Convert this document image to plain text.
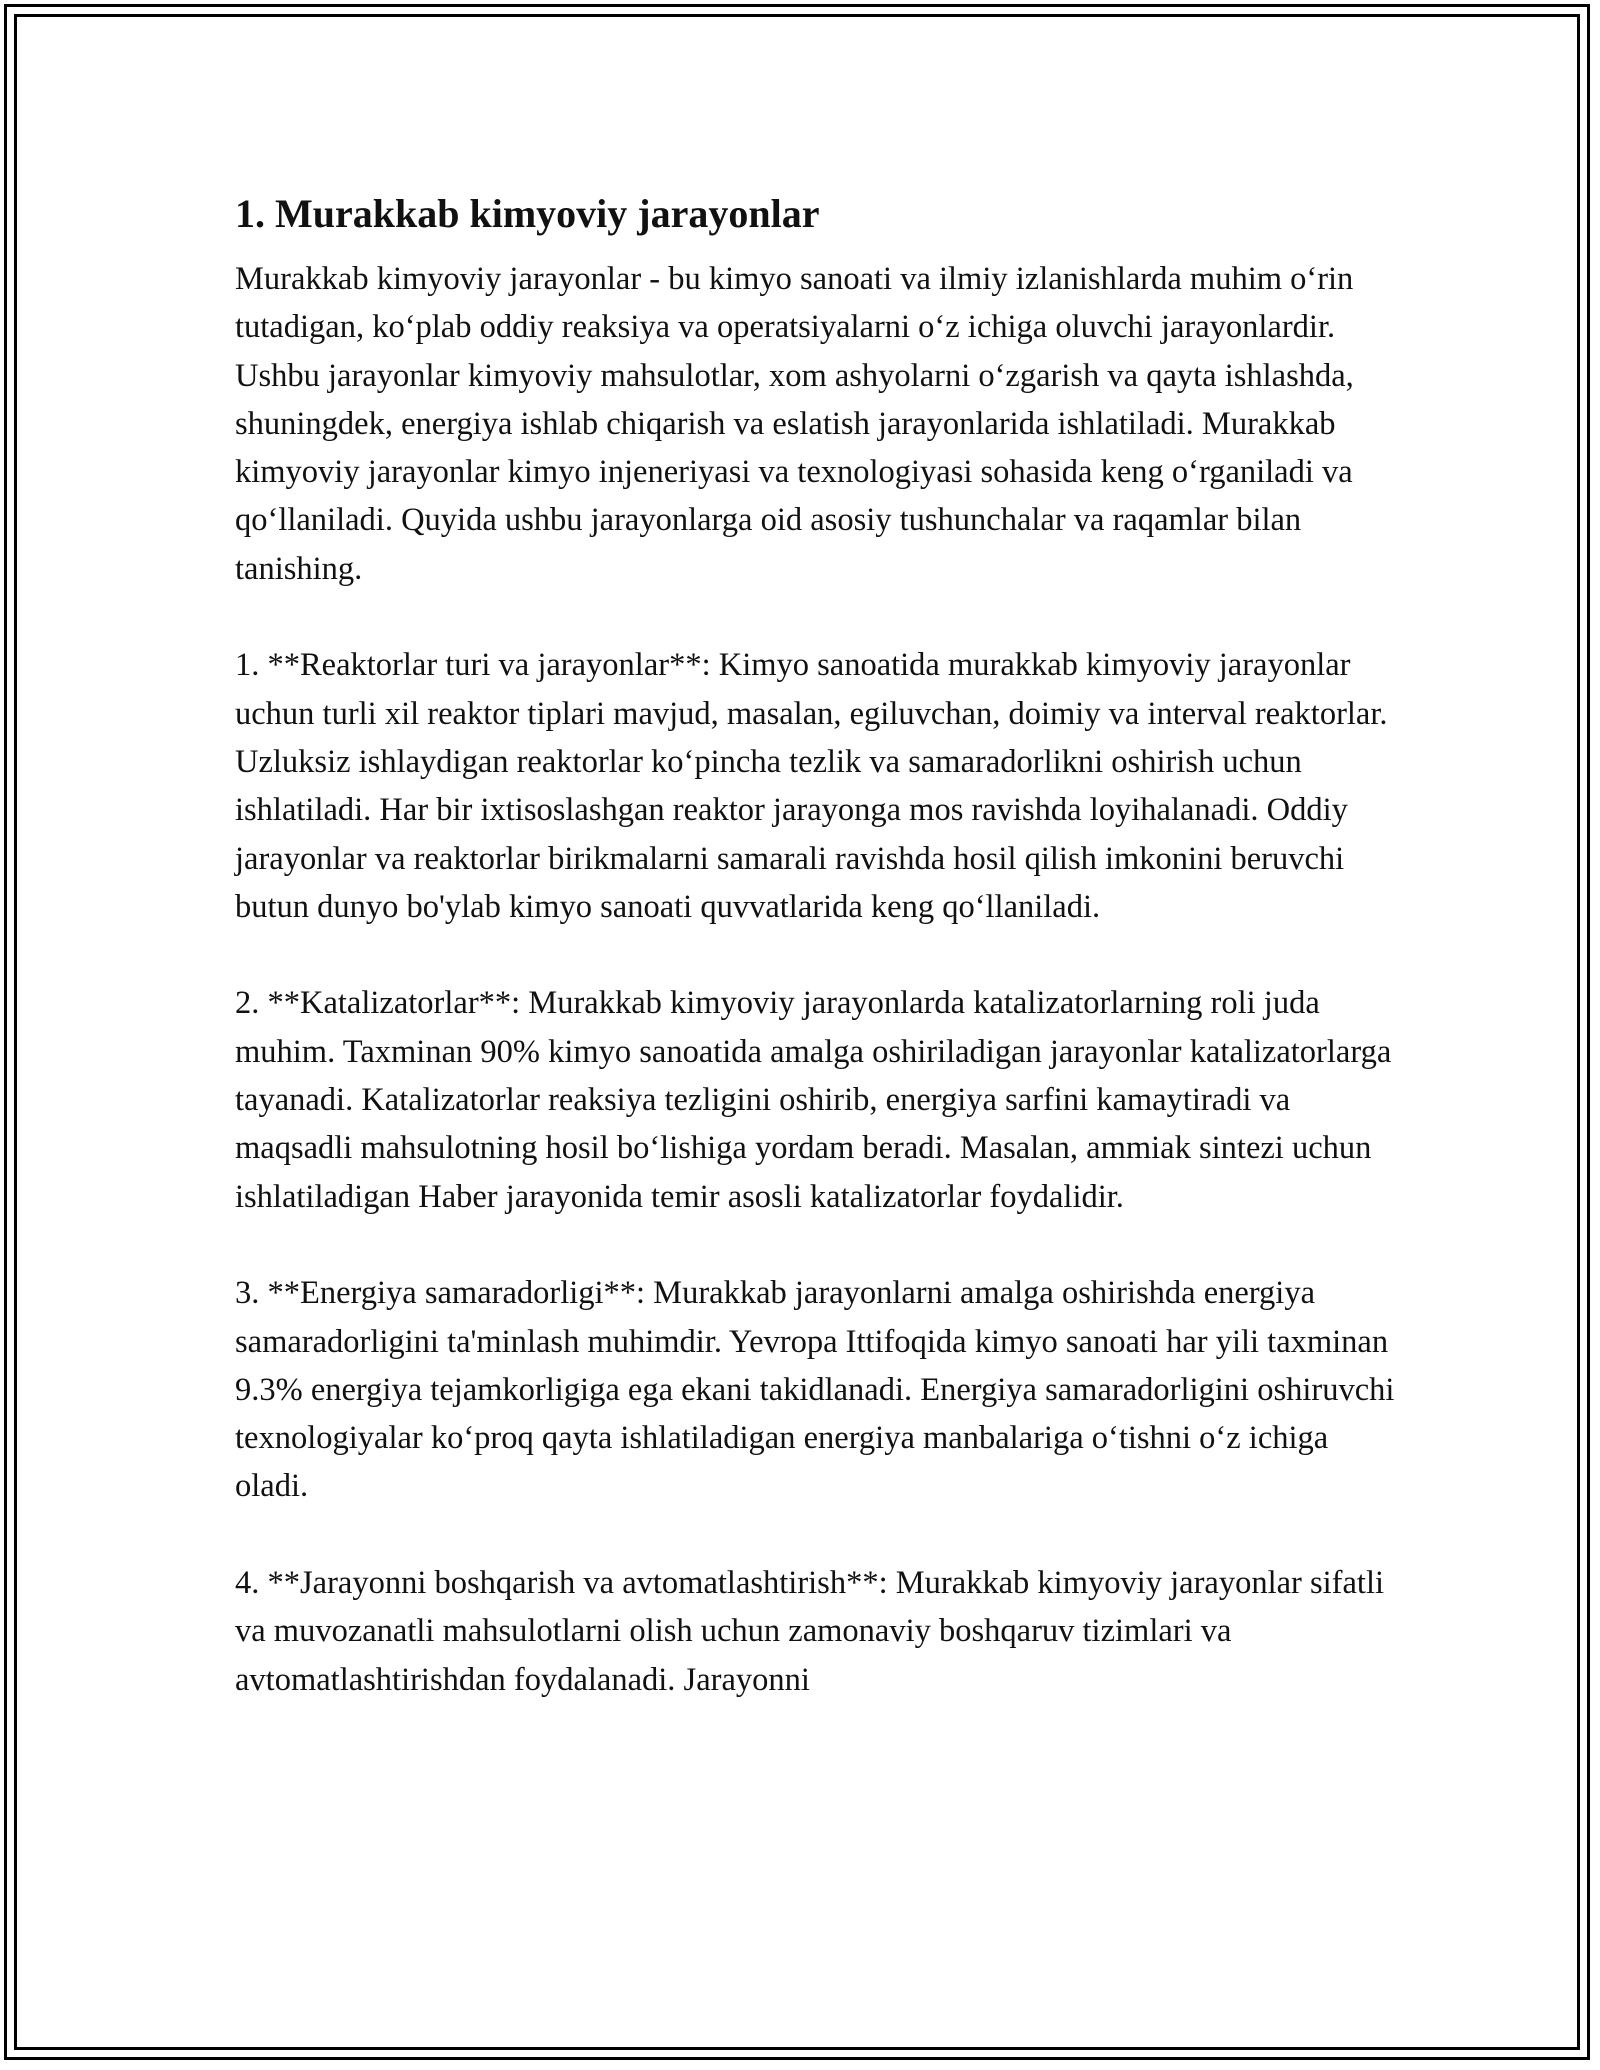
1. Murakkab kimyoviy jarayonlar

Murakkab kimyoviy jarayonlar - bu kimyo sanoati va ilmiy izlanishlarda muhim o‘rin tutadigan, ko‘plab oddiy reaksiya va operatsiyalarni o‘z ichiga oluvchi jarayonlardir. Ushbu jarayonlar kimyoviy mahsulotlar, xom ashyolarni o‘zgarish va qayta ishlashda, shuningdek, energiya ishlab chiqarish va eslatish jarayonlarida ishlatiladi. Murakkab kimyoviy jarayonlar kimyo injeneriyasi va texnologiyasi sohasida keng o‘rganiladi va qo‘llaniladi. Quyida ushbu jarayonlarga oid asosiy tushunchalar va raqamlar bilan tanishing.

1. **Reaktorlar turi va jarayonlar**: Kimyo sanoatida murakkab kimyoviy jarayonlar uchun turli xil reaktor tiplari mavjud, masalan, egiluvchan, doimiy va interval reaktorlar. Uzluksiz ishlaydigan reaktorlar ko‘pincha tezlik va samaradorlikni oshirish uchun ishlatiladi. Har bir ixtisoslashgan reaktor jarayonga mos ravishda loyihalanadi. Oddiy jarayonlar va reaktorlar birikmalarni samarali ravishda hosil qilish imkonini beruvchi butun dunyo bo'ylab kimyo sanoati quvvatlarida keng qo‘llaniladi.

2. **Katalizatorlar**: Murakkab kimyoviy jarayonlarda katalizatorlarning roli juda muhim. Taxminan 90% kimyo sanoatida amalga oshiriladigan jarayonlar katalizatorlarga tayanadi. Katalizatorlar reaksiya tezligini oshirib, energiya sarfini kamaytiradi va maqsadli mahsulotning hosil bo‘lishiga yordam beradi. Masalan, ammiak sintezi uchun ishlatiladigan Haber jarayonida temir asosli katalizatorlar foydalidir.

3. **Energiya samaradorligi**: Murakkab jarayonlarni amalga oshirishda energiya samaradorligini ta'minlash muhimdir. Yevropa Ittifoqida kimyo sanoati har yili taxminan 9.3% energiya tejamkorligiga ega ekani takidlanadi. Energiya samaradorligini oshiruvchi texnologiyalar ko‘proq qayta ishlatiladigan energiya manbalariga o‘tishni o‘z ichiga oladi.

4. **Jarayonni boshqarish va avtomatlashtirish**: Murakkab kimyoviy jarayonlar sifatli va muvozanatli mahsulotlarni olish uchun zamonaviy boshqaruv tizimlari va avtomatlashtirishdan foydalanadi. Jarayonni
